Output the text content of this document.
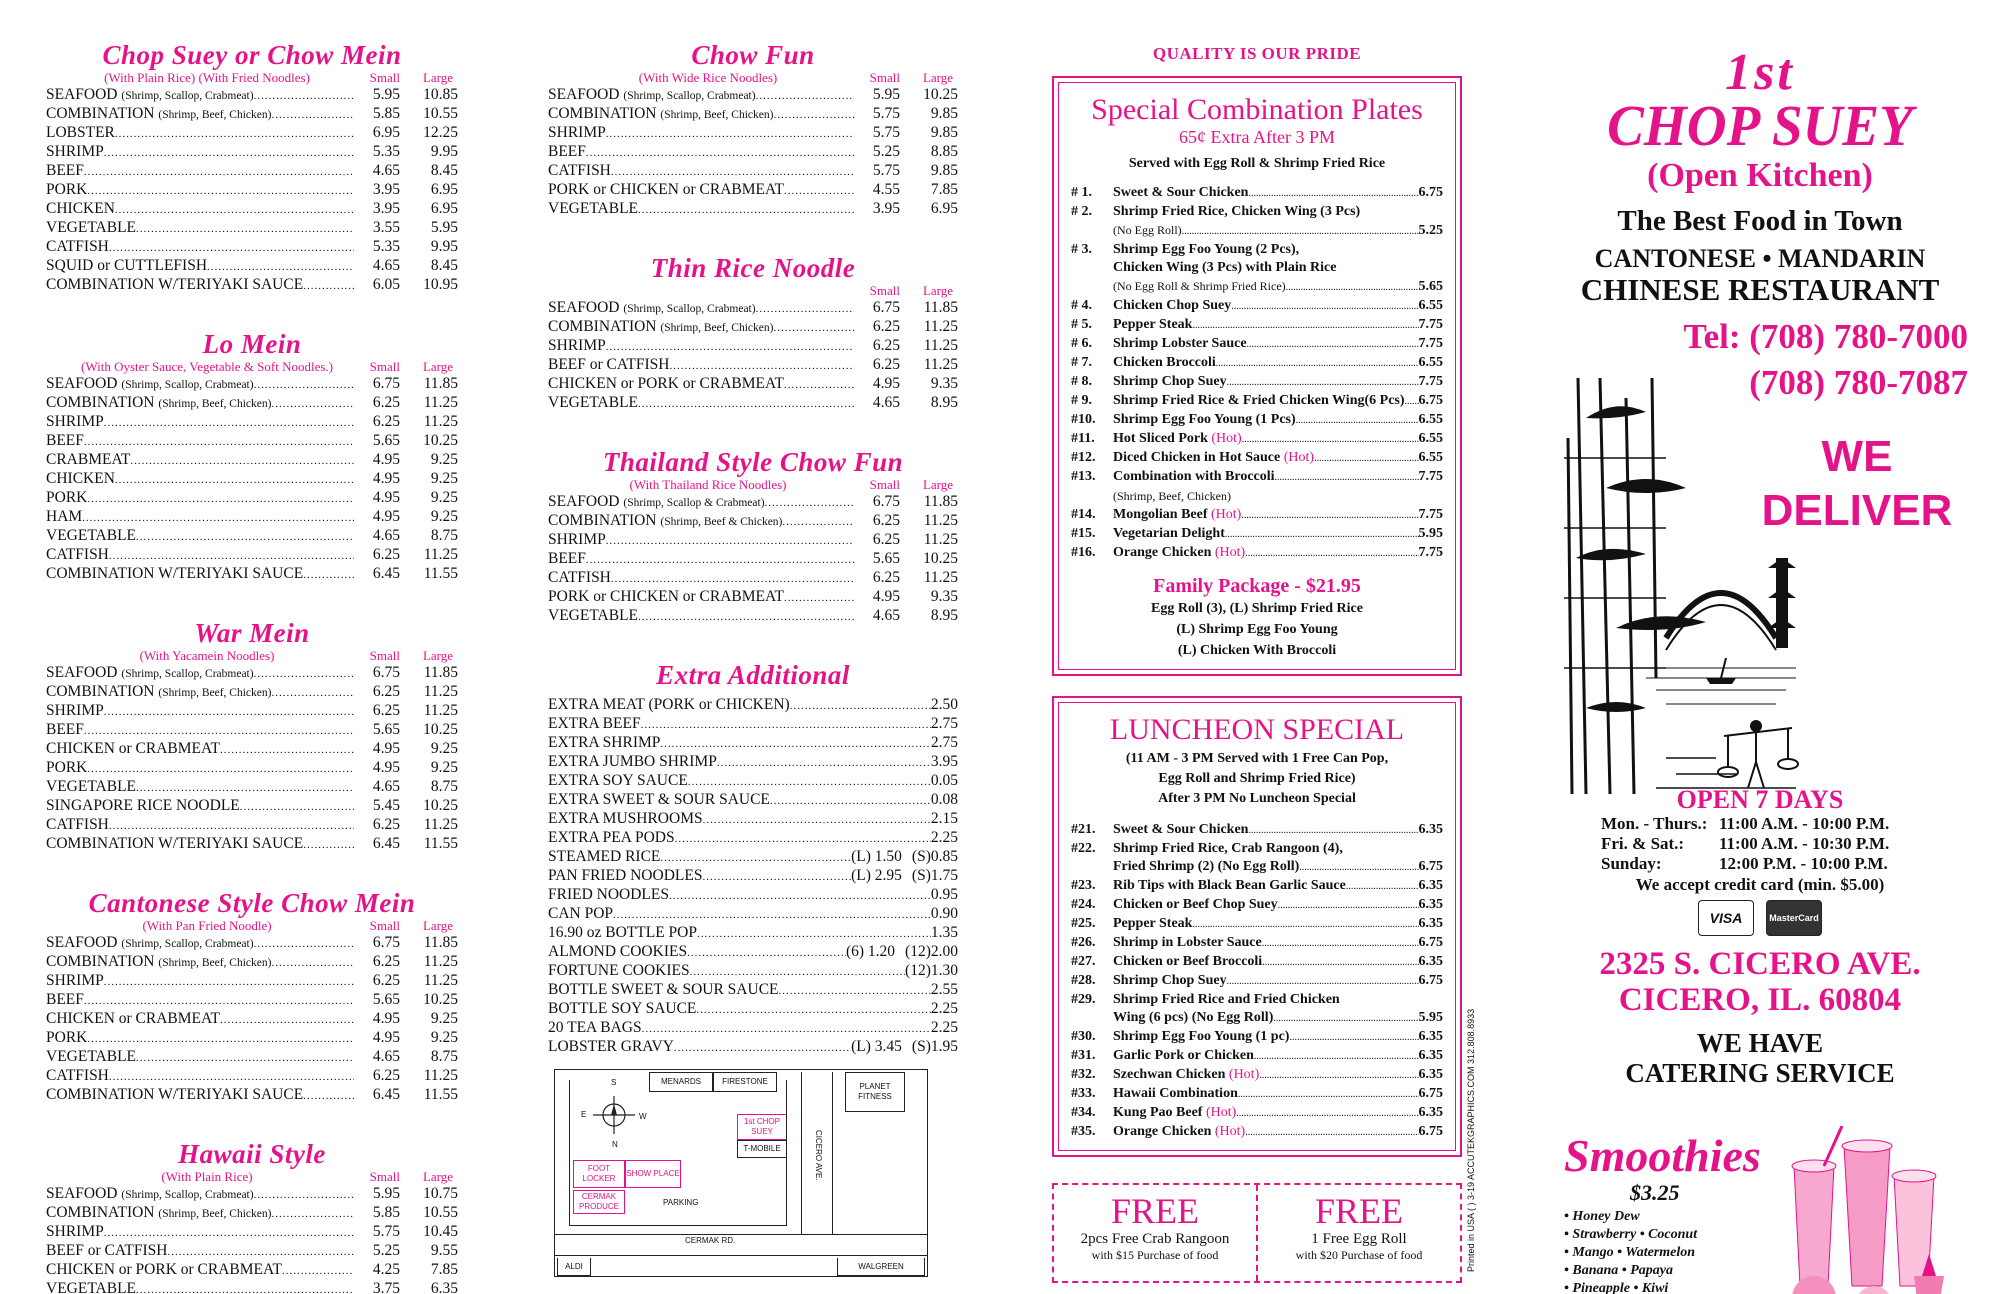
Chop Suey or Chow Mein
(With Plain Rice) (With Fried Noodles)	Small	Large
SEAFOOD (Shrimp, Scallop, Crabmeat) .....	5.95	10.85
COMBINATION (Shrimp, Beef, Chicken) .....	5.85	10.55
LOBSTER .....	6.95	12.25
SHRIMP .....	5.35	9.95
BEEF .....	4.65	8.45
PORK .....	3.95	6.95
CHICKEN .....	3.95	6.95
VEGETABLE .....	3.55	5.95
CATFISH .....	5.35	9.95
SQUID or CUTTLEFISH .....	4.65	8.45
COMBINATION W/TERIYAKI SAUCE .....	6.05	10.95
Lo Mein
(With Oyster Sauce, Vegetable & Soft Noodles.)	Small	Large
SEAFOOD (Shrimp, Scallop, Crabmeat) .....	6.75	11.85
COMBINATION (Shrimp, Beef, Chicken) .....	6.25	11.25
SHRIMP .....	6.25	11.25
BEEF .....	5.65	10.25
CRABMEAT .....	4.95	9.25
CHICKEN .....	4.95	9.25
PORK .....	4.95	9.25
HAM .....	4.95	9.25
VEGETABLE .....	4.65	8.75
CATFISH .....	6.25	11.25
COMBINATION W/TERIYAKI SAUCE .....	6.45	11.55
War Mein
(With Yacamein Noodles)	Small	Large
SEAFOOD (Shrimp, Scallop, Crabmeat) .....	6.75	11.85
COMBINATION (Shrimp, Beef, Chicken) .....	6.25	11.25
SHRIMP .....	6.25	11.25
BEEF .....	5.65	10.25
CHICKEN or CRABMEAT .....	4.95	9.25
PORK .....	4.95	9.25
VEGETABLE .....	4.65	8.75
SINGAPORE RICE NOODLE .....	5.45	10.25
CATFISH .....	6.25	11.25
COMBINATION W/TERIYAKI SAUCE .....	6.45	11.55
Cantonese Style Chow Mein
(With Pan Fried Noodle)	Small	Large
SEAFOOD (Shrimp, Scallop, Crabmeat) .....	6.75	11.85
COMBINATION (Shrimp, Beef, Chicken) .....	6.25	11.25
SHRIMP .....	6.25	11.25
BEEF .....	5.65	10.25
CHICKEN or CRABMEAT .....	4.95	9.25
PORK .....	4.95	9.25
VEGETABLE .....	4.65	8.75
CATFISH .....	6.25	11.25
COMBINATION W/TERIYAKI SAUCE .....	6.45	11.55
Hawaii Style
(With Plain Rice)	Small	Large
SEAFOOD (Shrimp, Scallop, Crabmeat) .....	5.95	10.75
COMBINATION (Shrimp, Beef, Chicken) .....	5.85	10.55
SHRIMP .....	5.75	10.45
BEEF or CATFISH .....	5.25	9.55
CHICKEN or PORK or CRABMEAT .....	4.25	7.85
VEGETABLE .....	3.75	6.35
Chow Fun
(With Wide Rice Noodles)	Small	Large
SEAFOOD (Shrimp, Scallop, Crabmeat) .....	5.95	10.25
COMBINATION (Shrimp, Beef, Chicken) .....	5.75	9.85
SHRIMP .....	5.75	9.85
BEEF .....	5.25	8.85
CATFISH .....	5.75	9.85
PORK or CHICKEN or CRABMEAT .....	4.55	7.85
VEGETABLE .....	3.95	6.95
Thin Rice Noodle
Small	Large
SEAFOOD (Shrimp, Scallop, Crabmeat) .....	6.75	11.85
COMBINATION (Shrimp, Beef, Chicken) .....	6.25	11.25
SHRIMP .....	6.25	11.25
BEEF or CATFISH .....	6.25	11.25
CHICKEN or PORK or CRABMEAT .....	4.95	9.35
VEGETABLE .....	4.65	8.95
Thailand Style Chow Fun
(With Thailand Rice Noodles)	Small	Large
SEAFOOD (Shrimp, Scallop & Crabmeat) .....	6.75	11.85
COMBINATION (Shrimp, Beef & Chicken) .....	6.25	11.25
SHRIMP .....	6.25	11.25
BEEF .....	5.65	10.25
CATFISH .....	6.25	11.25
PORK or CHICKEN or CRABMEAT .....	4.95	9.35
VEGETABLE .....	4.65	8.95
Extra Additional
EXTRA MEAT (PORK or CHICKEN) .....	2.50
EXTRA BEEF .....	2.75
EXTRA SHRIMP .....	2.75
EXTRA JUMBO SHRIMP .....	3.95
EXTRA SOY SAUCE .....	0.05
EXTRA SWEET & SOUR SAUCE .....	0.08
EXTRA MUSHROOMS .....	2.15
EXTRA PEA PODS .....	2.25
STEAMED RICE .....	(L) 1.50 (S)0.85
PAN FRIED NOODLES .....	(L) 2.95 (S)1.75
FRIED NOODLES .....	0.95
CAN POP .....	0.90
16.90 oz BOTTLE POP .....	1.35
ALMOND COOKIES .....	(6) 1.20 (12)2.00
FORTUNE COOKIES .....	(12)1.30
BOTTLE SWEET & SOUR SAUCE .....	2.55
BOTTLE SOY SAUCE .....	2.25
20 TEA BAGS .....	2.25
LOBSTER GRAVY .....	(L) 3.45 (S)1.95
MENARDS	FIRESTONE
PLANET FITNESS
1st CHOP SUEY
T-MOBILE
FOOT LOCKER
SHOW PLACE
CERMAK PRODUCE	PARKING
CICERO AVE.
CERMAK RD.
ALDI	WALGREEN
S
N
E	W
QUALITY IS OUR PRIDE
Special Combination Plates
65¢ Extra After 3 PM
Served with Egg Roll & Shrimp Fried Rice
# 1.	Sweet & Sour Chicken .....	6.75
# 2.	Shrimp Fried Rice, Chicken Wing (3 Pcs)
(No Egg Roll) .....	5.25
# 3.	Shrimp Egg Foo Young (2 Pcs),
Chicken Wing (3 Pcs) with Plain Rice
(No Egg Roll & Shrimp Fried Rice) .....	5.65
# 4.	Chicken Chop Suey .....	6.55
# 5.	Pepper Steak .....	7.75
# 6.	Shrimp Lobster Sauce .....	7.75
# 7.	Chicken Broccoli .....	6.55
# 8.	Shrimp Chop Suey .....	7.75
# 9.	Shrimp Fried Rice & Fried Chicken Wing(6 Pcs) ..... 6.75
#10.	Shrimp Egg Foo Young (1 Pcs) .....	6.55
#11.	Hot Sliced Pork (Hot) .....	6.55
#12.	Diced Chicken in Hot Sauce (Hot) .....	6.55
#13.	Combination with Broccoli .....	7.75
(Shrimp, Beef, Chicken)
#14.	Mongolian Beef (Hot) .....	7.75
#15.	Vegetarian Delight .....	5.95
#16.	Orange Chicken (Hot) .....	7.75
Family Package - $21.95
Egg Roll (3), (L) Shrimp Fried Rice
(L) Shrimp Egg Foo Young
(L) Chicken With Broccoli
LUNCHEON SPECIAL
(11 AM - 3 PM Served with 1 Free Can Pop,
Egg Roll and Shrimp Fried Rice)
After 3 PM No Luncheon Special
#21.	Sweet & Sour Chicken .....	6.35
#22.	Shrimp Fried Rice, Crab Rangoon (4),
Fried Shrimp (2) (No Egg Roll) .....	6.75
#23.	Rib Tips with Black Bean Garlic Sauce .....	6.35
#24.	Chicken or Beef Chop Suey .....	6.35
#25.	Pepper Steak .....	6.35
#26.	Shrimp in Lobster Sauce .....	6.75
#27.	Chicken or Beef Broccoli .....	6.35
#28.	Shrimp Chop Suey .....	6.75
#29.	Shrimp Fried Rice and Fried Chicken
Wing (6 pcs) (No Egg Roll) .....	5.95
#30.	Shrimp Egg Foo Young (1 pc) .....	6.35
#31.	Garlic Pork or Chicken .....	6.35
#32.	Szechwan Chicken (Hot) .....	6.35
#33.	Hawaii Combination .....	6.75
#34.	Kung Pao Beef (Hot) .....	6.35
#35.	Orange Chicken (Hot) .....	6.75
FREE
2pcs Free Crab Rangoon
with $15 Purchase of food
FREE
1 Free Egg Roll
with $20 Purchase of food	Printed in USA ( ) 3-19 ACCUTEKGRAPHICS.COM 312.808.8933
1st
CHOP SUEY
(Open Kitchen)
The Best Food in Town
CANTONESE • MANDARIN
CHINESE RESTAURANT
Tel: (708) 780-7000
(708) 780-7087
WE
DELIVER
OPEN 7 DAYS
Mon. - Thurs.: 11:00 A.M. - 10:00 P.M.
Fri. & Sat.:	11:00 A.M. - 10:30 P.M.
Sunday:	12:00 P.M. - 10:00 P.M.
We accept credit card (min. $5.00)
VISA	MasterCard
2325 S. CICERO AVE.
CICERO, IL. 60804
WE HAVE
CATERING SERVICE
Smoothies
$3.25
• Honey Dew
• Strawberry • Coconut
• Mango • Watermelon
• Banana • Papaya
• Pineapple • Kiwi
